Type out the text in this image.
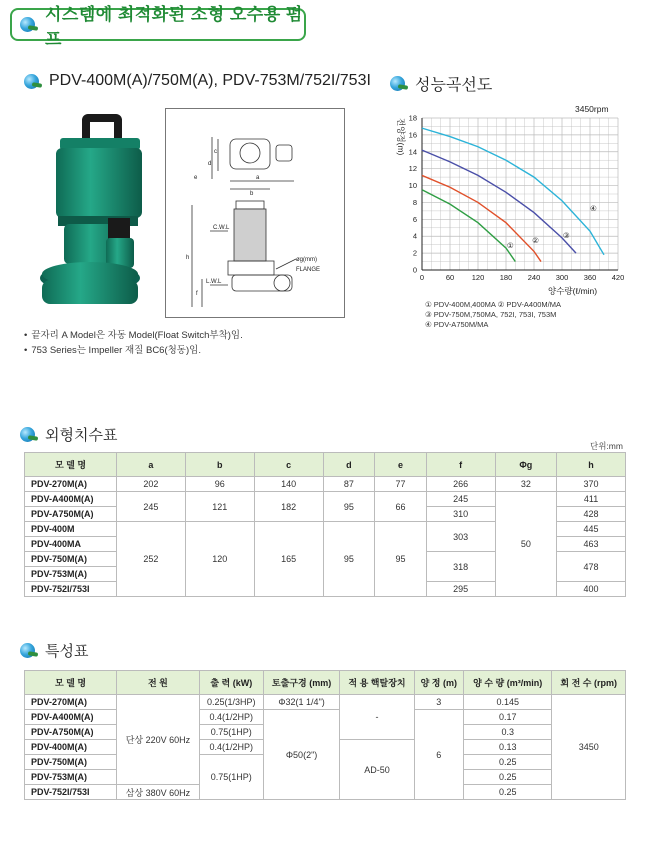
시스템에 최적화된 소형 오수용 펌프
PDV-400M(A)/750M(A), PDV-753M/752I/753I	성능곡선도
C.W.L
L.W.L
øg(mm)
FLANGE
c
d
a
e
b
h
f
• 끝자리 A Model은 자동 Model(Float Switch부착)임.
• 753 Series는 Impeller 재질 BC6(청동)임.
3450rpm
전양정(m)
양수량(ℓ/min)
0	60 120 180 240 300 360 420
0
2
4
6
8
10
12
14
16
18
①
②
③
④
① PDV-400M,400MA ② PDV-A400M/MA
③ PDV-750M,750MA, 752I, 753I, 753M
④ PDV-A750M/MA
외형치수표
단위:mm
모 델 명	a	b	c	d	e	f	Φg	h
PDV-270M(A)	202	96	140	87	77	266	32	370
PDV-A400M(A)	245	121	182	95	66	245	50	411
PDV-A750M(A)						310		428
PDV-400M	252	120	165	95	95	303		445
PDV-400MA								463
PDV-750M(A)						318		478
PDV-753M(A)								
PDV-752I/753I						295		400
특성표
모 델 명	전 원	출 력 (kW)	토출구경 (mm)	적 용 핵탈장치	양 정 (m)	양 수 량 (m³/min)	회 전 수 (rpm)
PDV-270M(A)	단상 220V 60Hz	0.25(1/3HP)	Φ32(1 1/4")	-	3	0.145	3450
PDV-A400M(A)		0.4(1/2HP)	Φ50(2")		6	0.17	
PDV-A750M(A)		0.75(1HP)				0.3	
PDV-400M(A)		0.4(1/2HP)		AD-50		0.13	
PDV-750M(A)		0.75(1HP)				0.25	
PDV-753M(A)						0.25	
PDV-752I/753I	삼상 380V 60Hz					0.25	
